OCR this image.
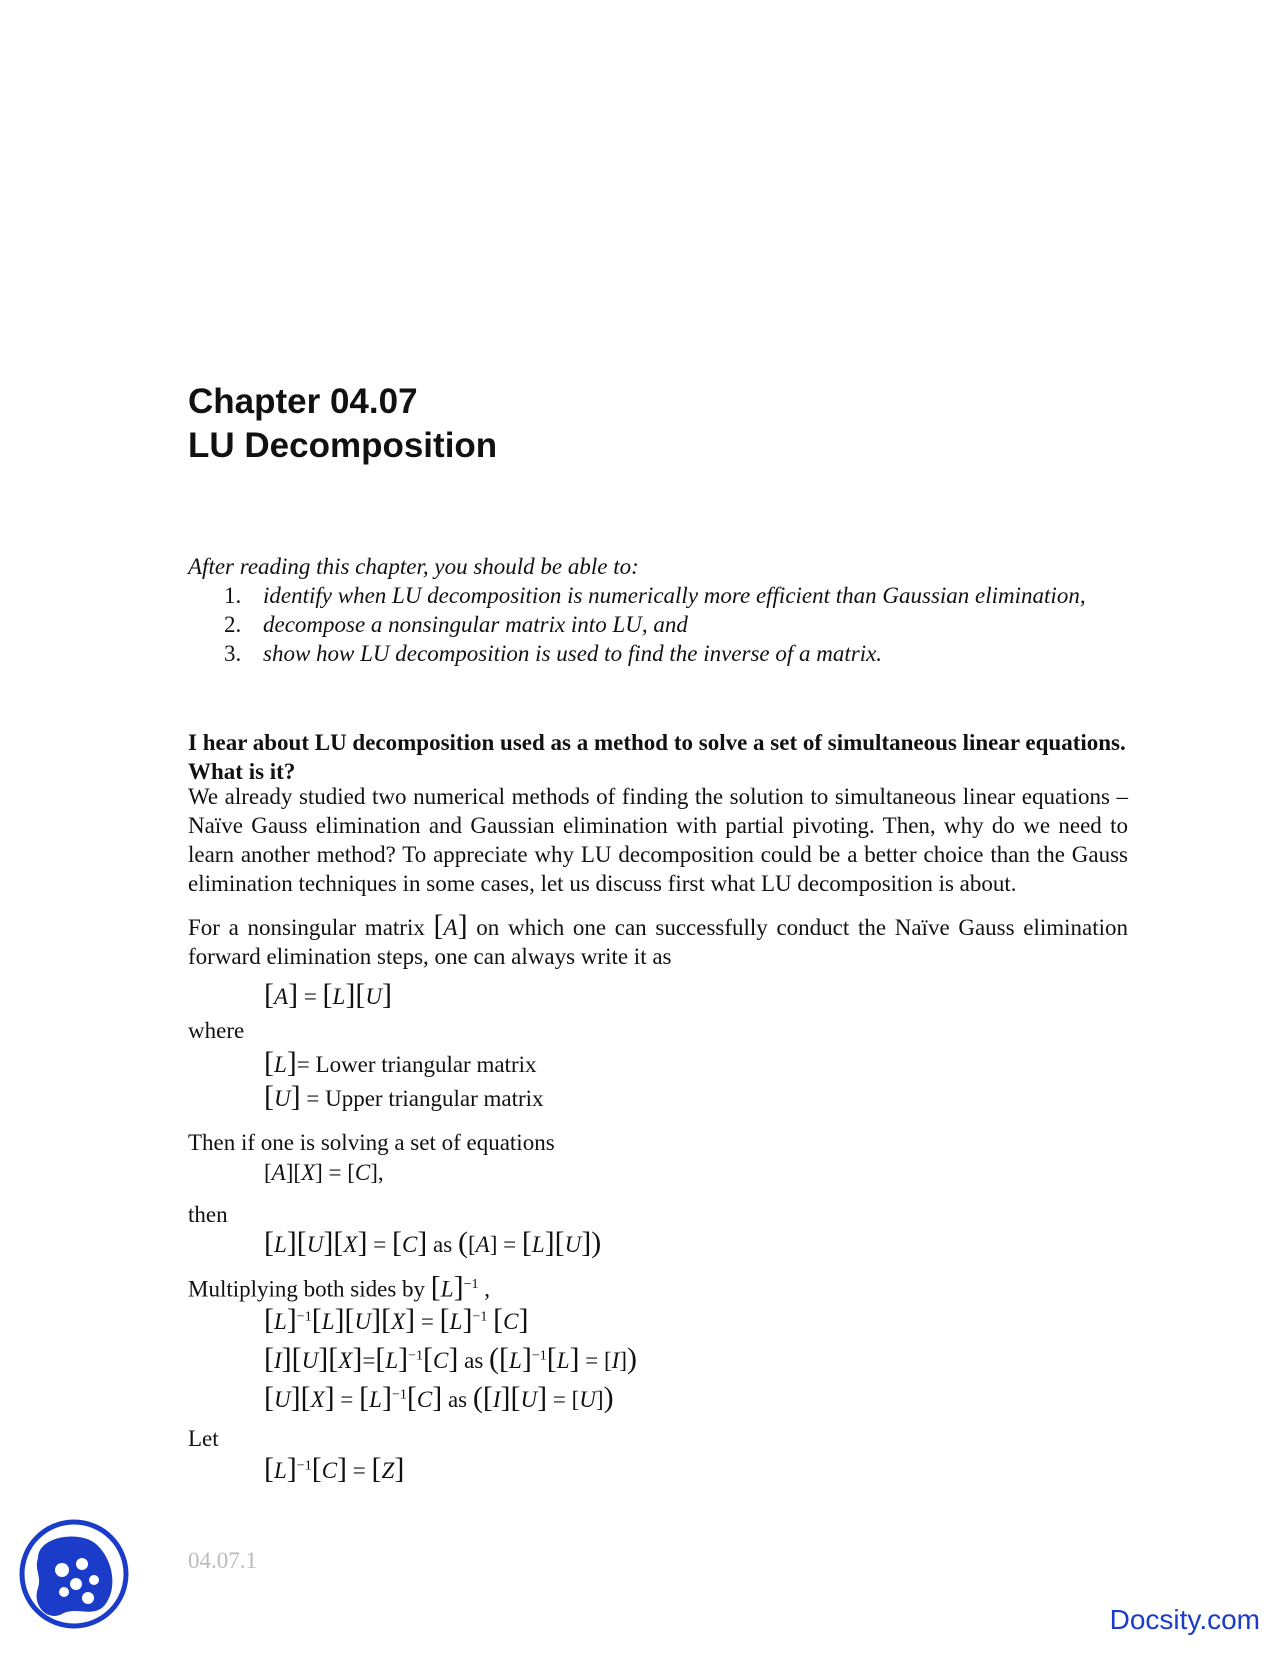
Chapter 04.07
LU Decomposition
After reading this chapter, you should be able to:
1. identify when LU decomposition is numerically more efficient than Gaussian elimination,
2. decompose a nonsingular matrix into LU, and
3. show how LU decomposition is used to find the inverse of a matrix.
I hear about LU decomposition used as a method to solve a set of simultaneous linear equations. What is it?
We already studied two numerical methods of finding the solution to simultaneous linear equations – Naïve Gauss elimination and Gaussian elimination with partial pivoting. Then, why do we need to learn another method? To appreciate why LU decomposition could be a better choice than the Gauss elimination techniques in some cases, let us discuss first what LU decomposition is about.
For a nonsingular matrix [A] on which one can successfully conduct the Naïve Gauss elimination forward elimination steps, one can always write it as
[A] = [L][U]
where
[L]= Lower triangular matrix
[U] = Upper triangular matrix
Then if one is solving a set of equations
[A][X] = [C],
then
[L][U][X] = [C] as ([A] = [L][U])
Multiplying both sides by $[L]^{-1}$ ,
$[L]^{-1}[L][U][X] = [L]^{-1}$ [C]
$[I][U][X]=[L]^{-1}[C]$ as $([L]^{-1}[L] = [I])$
$[U][X] = [L]^{-1}[C]$ as ([I][U] = [U])
Let
$[L]^{-1}[C] = [Z]$
04.07.1
Docsity.com
